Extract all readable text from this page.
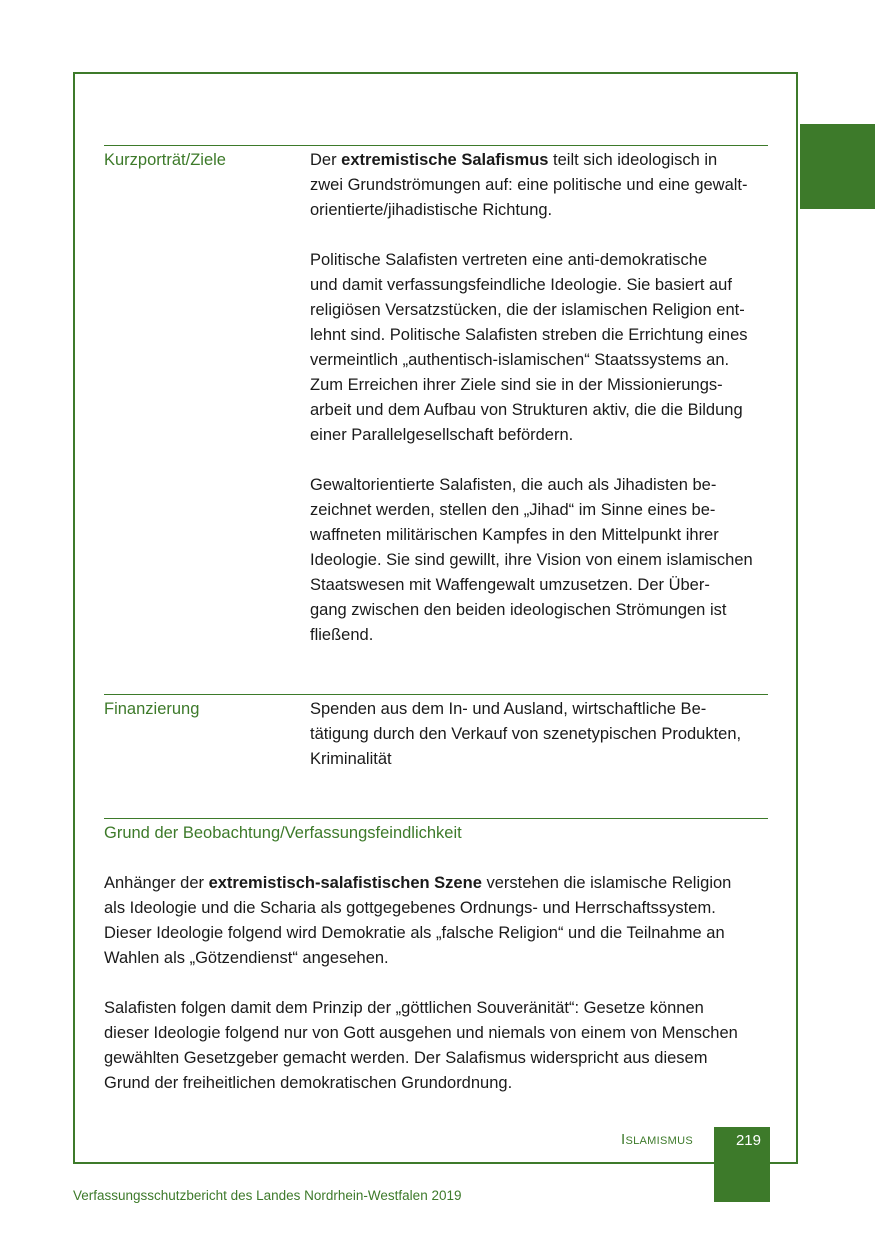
Kurzporträt/Ziele	Der extremistische Salafismus teilt sich ideologisch in
zwei Grundströmungen auf: eine politische und eine gewalt-
orientierte/jihadistische Richtung.
Politische Salafisten vertreten eine anti-demokratische
und damit verfassungsfeindliche Ideologie. Sie basiert auf
religiösen Versatzstücken, die der islamischen Religion ent-
lehnt sind. Politische Salafisten streben die Errichtung eines
vermeintlich „authentisch-islamischen“ Staatssystems an.
Zum Erreichen ihrer Ziele sind sie in der Missionierungs-
arbeit und dem Aufbau von Strukturen aktiv, die die Bildung
einer Parallelgesellschaft befördern.
Gewaltorientierte Salafisten, die auch als Jihadisten be-
zeichnet werden, stellen den „Jihad“ im Sinne eines be-
waffneten militärischen Kampfes in den Mittelpunkt ihrer
Ideologie. Sie sind gewillt, ihre Vision von einem islamischen
Staatswesen mit Waffengewalt umzusetzen. Der Über-
gang zwischen den beiden ideologischen Strömungen ist
fließend.
Finanzierung	Spenden aus dem In- und Ausland, wirtschaftliche Be-
tätigung durch den Verkauf von szenetypischen Produkten,
Kriminalität
Grund der Beobachtung/Verfassungsfeindlichkeit
Anhänger der extremistisch-salafistischen Szene verstehen die islamische Religion
als Ideologie und die Scharia als gottgegebenes Ordnungs- und Herrschaftssystem.
Dieser Ideologie folgend wird Demokratie als „falsche Religion“ und die Teilnahme an
Wahlen als „Götzendienst“ angesehen.
Salafisten folgen damit dem Prinzip der „göttlichen Souveränität“: Gesetze können
dieser Ideologie folgend nur von Gott ausgehen und niemals von einem von Menschen
gewählten Gesetzgeber gemacht werden. Der Salafismus widerspricht aus diesem
Grund der freiheitlichen demokratischen Grundordnung.
Islamismus	219
Verfassungsschutzbericht des Landes Nordrhein-Westfalen 2019
